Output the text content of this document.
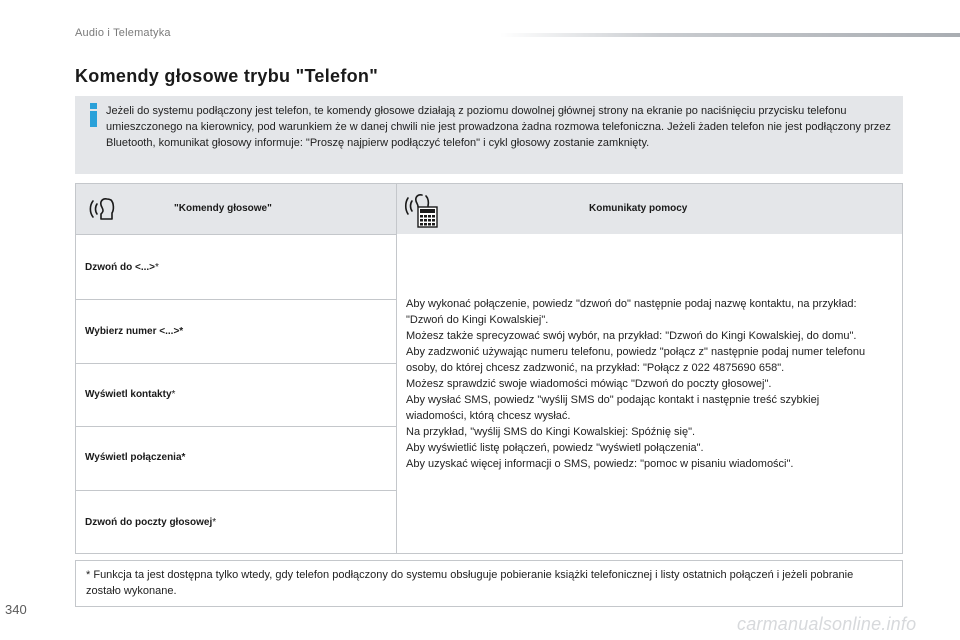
Audio i Telematyka
Komendy głosowe trybu "Telefon"
Jeżeli do systemu podłączony jest telefon, te komendy głosowe działają z poziomu dowolnej głównej strony na ekranie po naciśnięciu przycisku telefonu umieszczonego na kierownicy, pod warunkiem że w danej chwili nie jest prowadzona żadna rozmowa telefoniczna. Jeżeli żaden telefon nie jest podłączony przez Bluetooth, komunikat głosowy informuje: "Proszę najpierw podłączyć telefon" i cykl głosowy zostanie zamknięty.
"Komendy głosowe"	Komunikaty pomocy
Dzwoń do <...>*
Wybierz numer <...>*
Wyświetl kontakty*
Wyświetl połączenia*
Dzwoń do poczty głosowej*
Aby wykonać połączenie, powiedz "dzwoń do" następnie podaj nazwę kontaktu, na przykład: "Dzwoń do Kingi Kowalskiej".
Możesz także sprecyzować swój wybór, na przykład: "Dzwoń do Kingi Kowalskiej, do domu".
Aby zadzwonić używając numeru telefonu, powiedz "połącz z" następnie podaj numer telefonu osoby, do której chcesz zadzwonić, na przykład: "Połącz z 022 4875690 658".
Możesz sprawdzić swoje wiadomości mówiąc "Dzwoń do poczty głosowej".
Aby wysłać SMS, powiedz "wyślij SMS do" podając kontakt i następnie treść szybkiej wiadomości, którą chcesz wysłać.
Na przykład, "wyślij SMS do Kingi Kowalskiej: Spóźnię się".
Aby wyświetlić listę połączeń, powiedz "wyświetl połączenia".
Aby uzyskać więcej informacji o SMS, powiedz: "pomoc w pisaniu wiadomości".
* Funkcja ta jest dostępna tylko wtedy, gdy telefon podłączony do systemu obsługuje pobieranie książki telefonicznej i listy ostatnich połączeń i jeżeli pobranie zostało wykonane.
340
carmanualsonline.info
